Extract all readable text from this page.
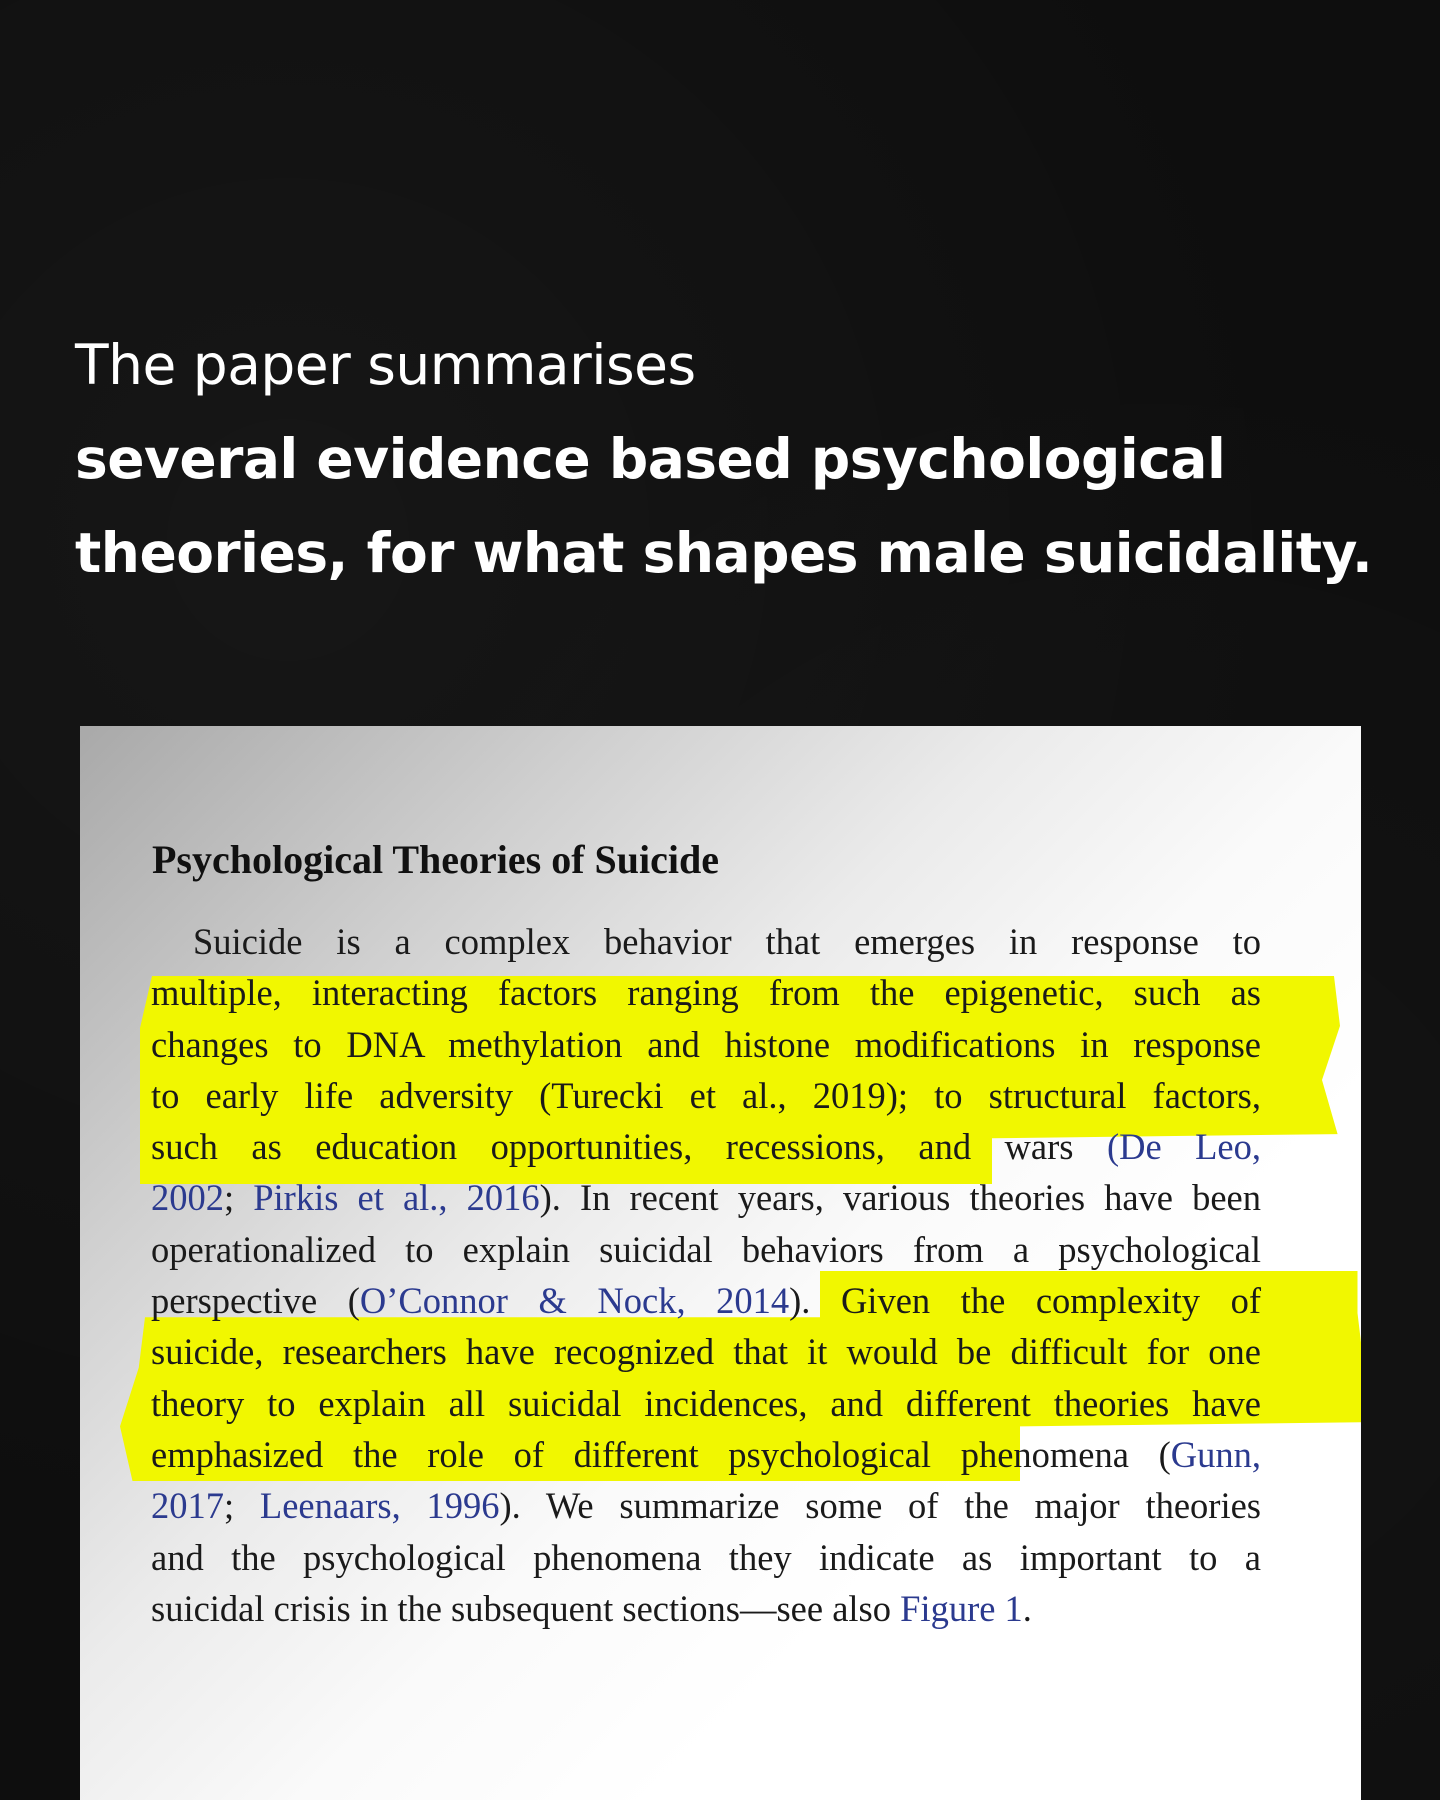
The paper summarises
several evidence based psychological
theories, for what shapes male suicidality.
Psychological Theories of Suicide
Suicide is a complex behavior that emerges in response to
multiple, interacting factors ranging from the epigenetic, such as
changes to DNA methylation and histone modifications in response
to early life adversity (Turecki et al., 2019); to structural factors,
such as education opportunities, recessions, and wars (De Leo,
2002; Pirkis et al., 2016). In recent years, various theories have been
operationalized to explain suicidal behaviors from a psychological
perspective (O’Connor & Nock, 2014). Given the complexity of
suicide, researchers have recognized that it would be difficult for one
theory to explain all suicidal incidences, and different theories have
emphasized the role of different psychological phenomena (Gunn,
2017; Leenaars, 1996). We summarize some of the major theories
and the psychological phenomena they indicate as important to a
suicidal crisis in the subsequent sections—see also Figure 1.
